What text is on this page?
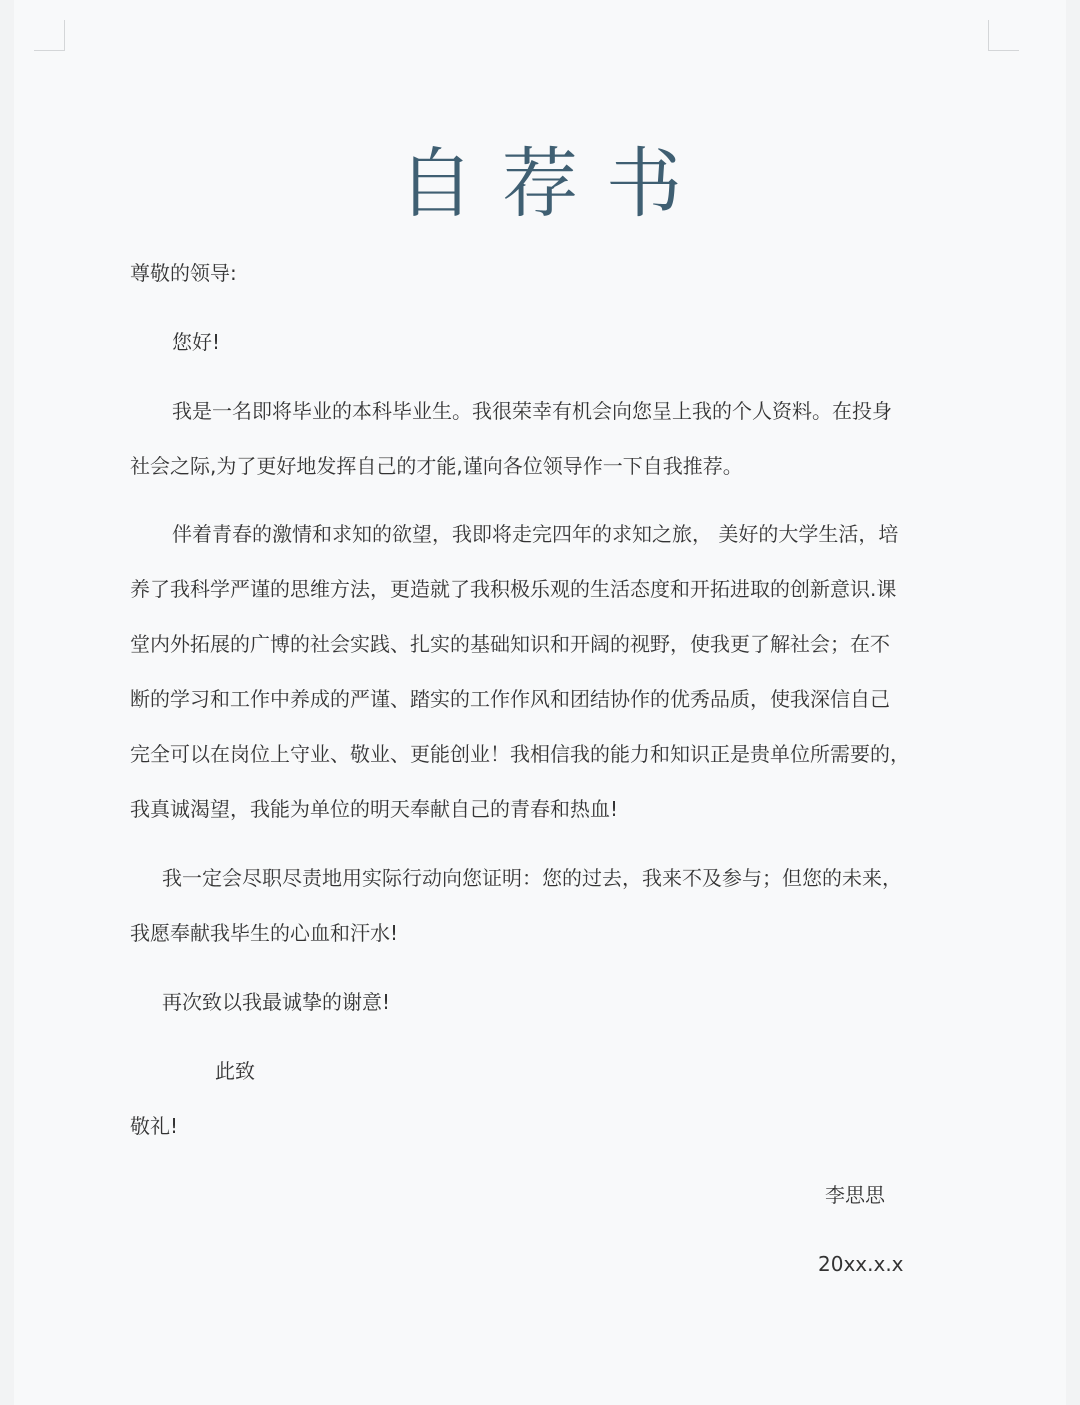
自荐书
尊敬的领导:
您好!
我是一名即将毕业的本科毕业生。我很荣幸有机会向您呈上我的个人资料。在投身
社会之际,为了更好地发挥自己的才能,谨向各位领导作一下自我推荐。
伴着青春的激情和求知的欲望，我即将走完四年的求知之旅， 美好的大学生活，培
养了我科学严谨的思维方法，更造就了我积极乐观的生活态度和开拓进取的创新意识.课
堂内外拓展的广博的社会实践、扎实的基础知识和开阔的视野，使我更了解社会；在不
断的学习和工作中养成的严谨、踏实的工作作风和团结协作的优秀品质，使我深信自己
完全可以在岗位上守业、敬业、更能创业！我相信我的能力和知识正是贵单位所需要的，
我真诚渴望，我能为单位的明天奉献自己的青春和热血!
我一定会尽职尽责地用实际行动向您证明：您的过去，我来不及参与；但您的未来，
我愿奉献我毕生的心血和汗水!
再次致以我最诚挚的谢意!
此致
敬礼!
李思思
20xx.x.x
